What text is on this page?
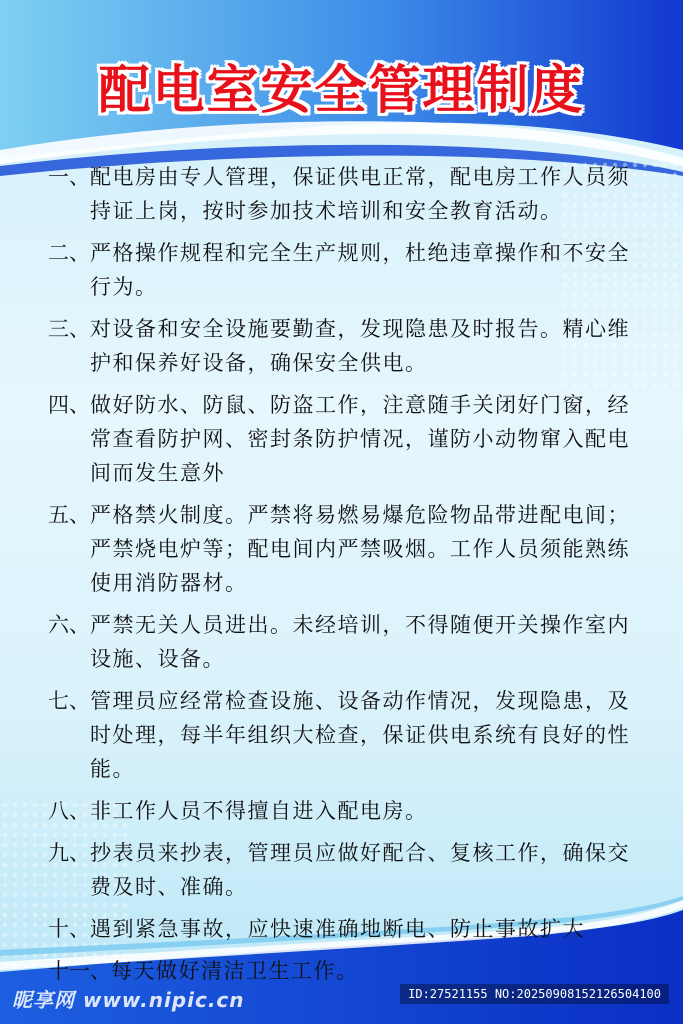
配电室安全管理制度
一、 配电房由专人管理，保证供电正常，配电房工作人员须持证上岗，按时参加技术培训和安全教育活动。
二、 严格操作规程和完全生产规则，杜绝违章操作和不安全行为。
三、 对设备和安全设施要勤查，发现隐患及时报告。精心维护和保养好设备，确保安全供电。
四、 做好防水、防鼠、防盗工作，注意随手关闭好门窗，经常查看防护网、密封条防护情况，谨防小动物窜入配电间而发生意外
五、 严格禁火制度。严禁将易燃易爆危险物品带进配电间；严禁烧电炉等；配电间内严禁吸烟。工作人员须能熟练使用消防器材。
六、 严禁无关人员进出。未经培训，不得随便开关操作室内设施、设备。
七、 管理员应经常检查设施、设备动作情况，发现隐患，及时处理，每半年组织大检查，保证供电系统有良好的性能。
八、 非工作人员不得擅自进入配电房。
九、 抄表员来抄表，管理员应做好配合、复核工作，确保交费及时、准确。
十、 遇到紧急事故，应快速准确地断电、防止事故扩大
十一、 每天做好清洁卫生工作。
昵享网 www.nipic.cn	ID:27521155 NO:20250908152126504100
